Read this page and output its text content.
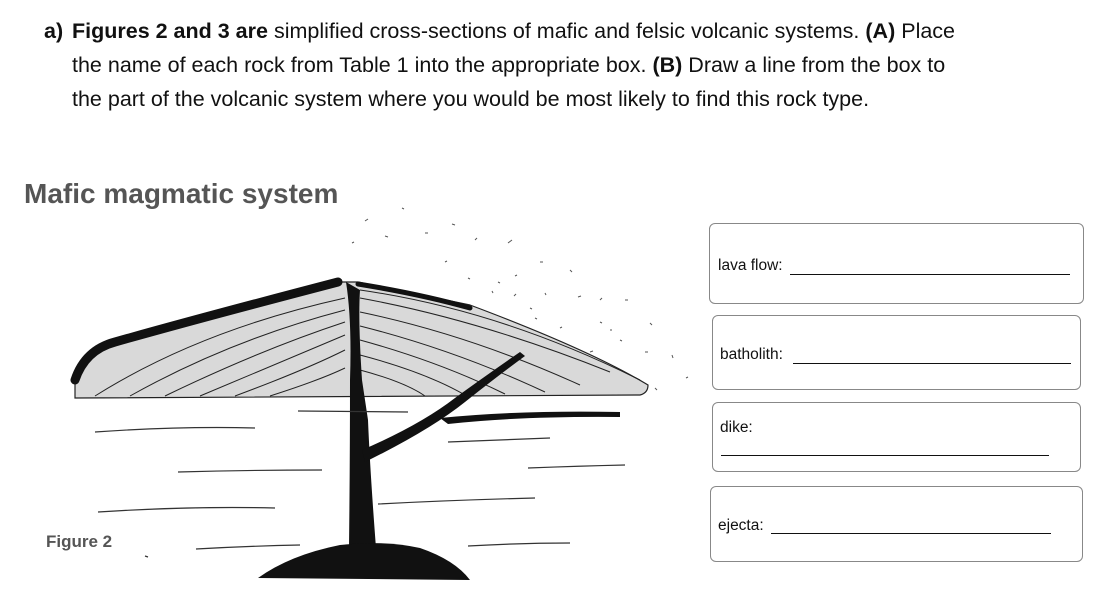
a) Figures 2 and 3 are simplified cross-sections of mafic and felsic volcanic systems. (A) Place
the name of each rock from Table 1 into the appropriate box. (B) Draw a line from the box to
the part of the volcanic system where you would be most likely to find this rock type.
Mafic magmatic system
Figure 2
lava flow:
batholith:
dike:
ejecta:
